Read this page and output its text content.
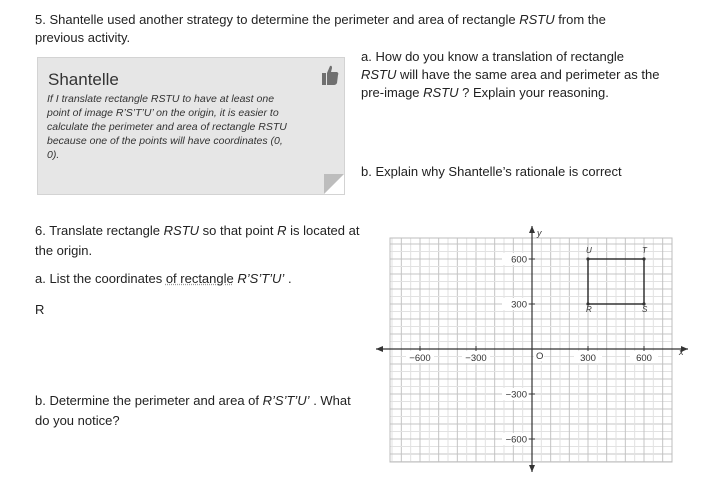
5. Shantelle used another strategy to determine the perimeter and area of rectangle RSTU from the
previous activity.
Shantelle
If I translate rectangle RSTU to have at least one point of image R’S’T’U’ on the origin, it is easier to calculate the perimeter and area of rectangle RSTU because one of the points will have coordinates (0, 0).
a. How do you know a translation of rectangle RSTU will have the same area and perimeter as the pre-image RSTU ? Explain your reasoning.
b. Explain why Shantelle’s rationale is correct
6. Translate rectangle RSTU so that point R is located at the origin.
a. List the coordinates of rectangle R’S’T’U’ .
R
b. Determine the perimeter and area of R’S’T’U’ . What do you notice?
x
y
−600	−300	300	600
600
300
−300
−600
O
U	T
R	S
